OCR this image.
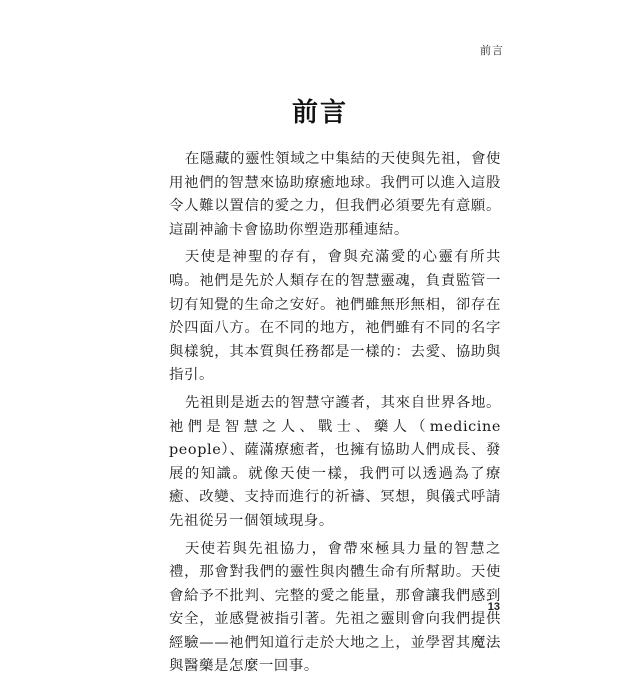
前言
前言

在隱藏的靈性領域之中集結的天使與先祖，會使用祂們的智慧來協助療癒地球。我們可以進入這股令人難以置信的愛之力，但我們必須要先有意願。這副神諭卡會協助你塑造那種連結。

天使是神聖的存有，會與充滿愛的心靈有所共鳴。祂們是先於人類存在的智慧靈魂，負責監管一切有知覺的生命之安好。祂們雖無形無相，卻存在於四面八方。在不同的地方，祂們雖有不同的名字與樣貌，其本質與任務都是一樣的：去愛、協助與指引。

先祖則是逝去的智慧守護者，其來自世界各地。祂們是智慧之人、戰士、藥人（medicine people）、薩滿療癒者，也擁有協助人們成長、發展的知識。就像天使一樣，我們可以透過為了療癒、改變、支持而進行的祈禱、冥想，與儀式呼請先祖從另一個領域現身。

天使若與先祖協力，會帶來極具力量的智慧之禮，那會對我們的靈性與肉體生命有所幫助。天使會給予不批判、完整的愛之能量，那會讓我們感到安全，並感覺被指引著。先祖之靈則會向我們提供經驗——祂們知道行走於大地之上，並學習其魔法與醫藥是怎麼一回事。

13
